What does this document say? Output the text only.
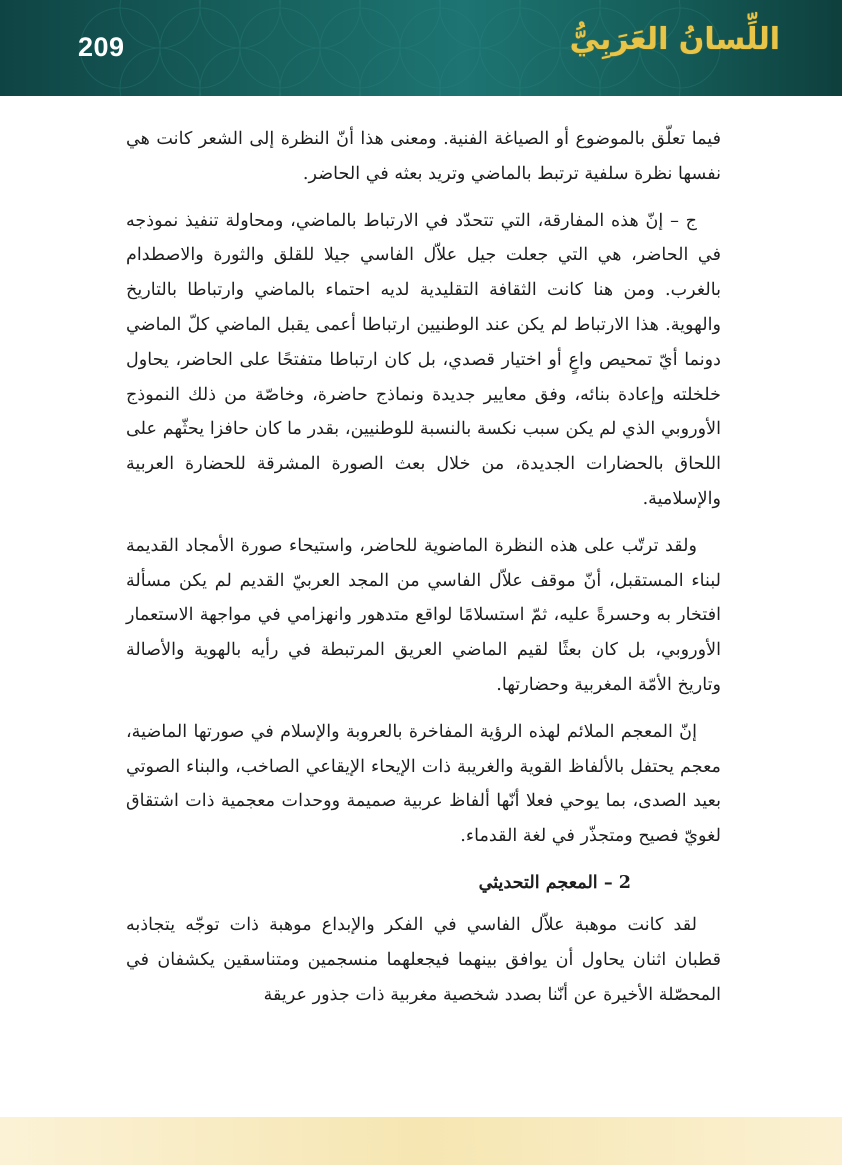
209	اللِّسانُ العَرَبِيُّ

فيما تعلّق بالموضوع أو الصياغة الفنية. ومعنى هذا أنّ النظرة إلى الشعر كانت هي نفسها نظرة سلفية ترتبط بالماضي وتريد بعثه في الحاضر.

ج – إنّ هذه المفارقة، التي تتحدّد في الارتباط بالماضي، ومحاولة تنفيذ نموذجه في الحاضر، هي التي جعلت جيل علاّل الفاسي جيلا للقلق والثورة والاصطدام بالغرب. ومن هنا كانت الثقافة التقليدية لديه احتماء بالماضي وارتباطا بالتاريخ والهوية. هذا الارتباط لم يكن عند الوطنيين ارتباطا أعمى يقبل الماضي كلّ الماضي دونما أيّ تمحيص واعٍ أو اختيار قصدي، بل كان ارتباطا متفتحًا على الحاضر، يحاول خلخلته وإعادة بنائه، وفق معايير جديدة ونماذج حاضرة، وخاصّة من ذلك النموذج الأوروبي الذي لم يكن سبب نكسة بالنسبة للوطنيين، بقدر ما كان حافزا يحثّهم على اللحاق بالحضارات الجديدة، من خلال بعث الصورة المشرقة للحضارة العربية والإسلامية.

ولقد ترتّب على هذه النظرة الماضوية للحاضر، واستيحاء صورة الأمجاد القديمة لبناء المستقبل، أنّ موقف علاّل الفاسي من المجد العربيّ القديم لم يكن مسألة افتخار به وحسرةً عليه، ثمّ استسلامًا لواقع متدهور وانهزامي في مواجهة الاستعمار الأوروبي، بل كان بعثًا لقيم الماضي العريق المرتبطة في رأيه بالهوية والأصالة وتاريخ الأمّة المغربية وحضارتها.

إنّ المعجم الملائم لهذه الرؤية المفاخرة بالعروبة والإسلام في صورتها الماضية، معجم يحتفل بالألفاظ القوية والغريبة ذات الإيحاء الإيقاعي الصاخب، والبناء الصوتي بعيد الصدى، بما يوحي فعلا أنّها ألفاظ عربية صميمة ووحدات معجمية ذات اشتقاق لغويّ فصيح ومتجذّر في لغة القدماء.

2 – المعجم التحديثي

لقد كانت موهبة علاّل الفاسي في الفكر والإبداع موهبة ذات توجّه يتجاذبه قطبان اثنان يحاول أن يوافق بينهما فيجعلهما منسجمين ومتناسقين يكشفان في المحصّلة الأخيرة عن أنّنا بصدد شخصية مغربية ذات جذور عريقة
